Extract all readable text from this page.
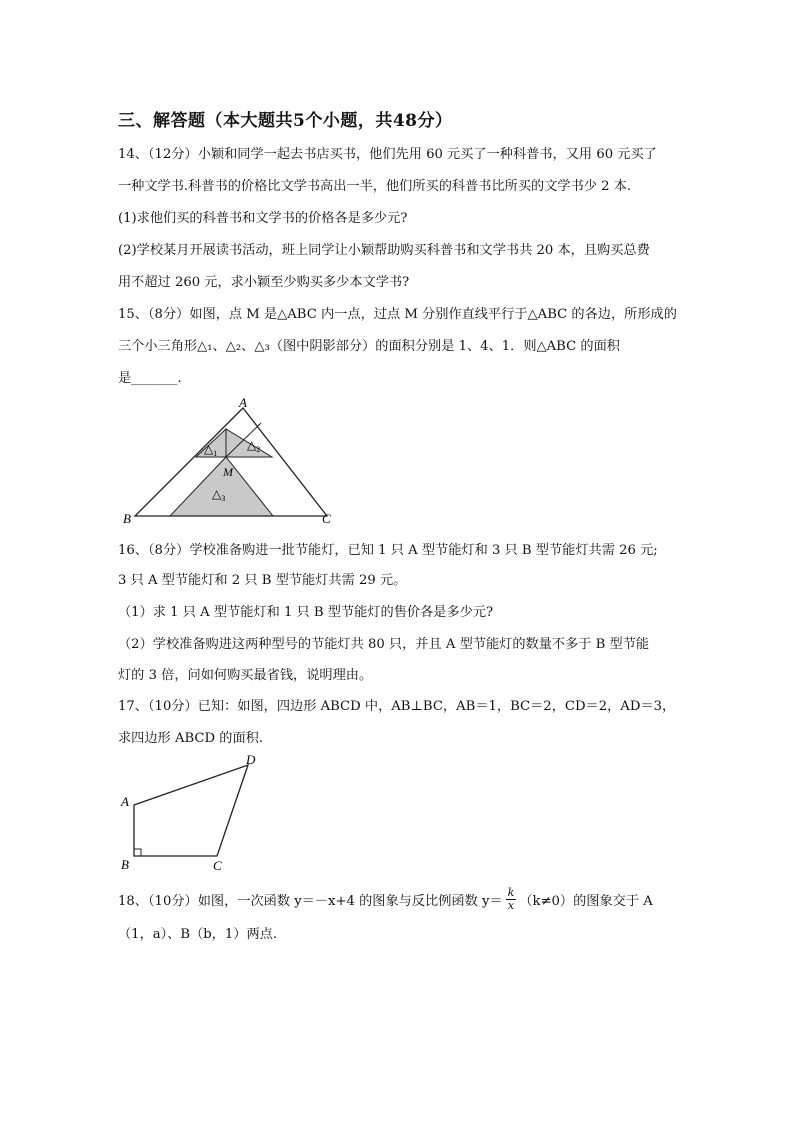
三、解答题（本大题共5个小题，共48分）
14、（12分）小颖和同学一起去书店买书，他们先用 60 元买了一种科普书，又用 60 元买了
一种文学书.科普书的价格比文学书高出一半，他们所买的科普书比所买的文学书少 2 本.
(1)求他们买的科普书和文学书的价格各是多少元?
(2)学校某月开展读书活动，班上同学让小颖帮助购买科普书和文学书共 20 本，且购买总费
用不超过 260 元，求小颖至少购买多少本文学书?
15、（8分）如图，点 M 是△ABC 内一点，过点 M 分别作直线平行于△ABC 的各边，所形成的
三个小三角形△₁、△₂、△₃（图中阴影部分）的面积分别是 1、4、1．则△ABC 的面积
是_______.
A
B	C
M
$\triangle_1$
$\triangle_2$
$\triangle_3$
16、（8分）学校准备购进一批节能灯，已知 1 只 A 型节能灯和 3 只 B 型节能灯共需 26 元;
3 只 A 型节能灯和 2 只 B 型节能灯共需 29 元。
（1）求 1 只 A 型节能灯和 1 只 B 型节能灯的售价各是多少元?
（2）学校准备购进这两种型号的节能灯共 80 只，并且 A 型节能灯的数量不多于 B 型节能
灯的 3 倍，问如何购买最省钱，说明理由。
17、（10分）已知：如图，四边形 ABCD 中，AB⊥BC，AB＝1，BC＝2，CD＝2，AD＝3，
求四边形 ABCD 的面积.
A
B	C
D
18、（10分）如图，一次函数 y＝－x+4 的图象与反比例函数 $y= \frac{k}{x} (k\ne 0)$的图象交于 A
（1，a）、B（b，1）两点.
